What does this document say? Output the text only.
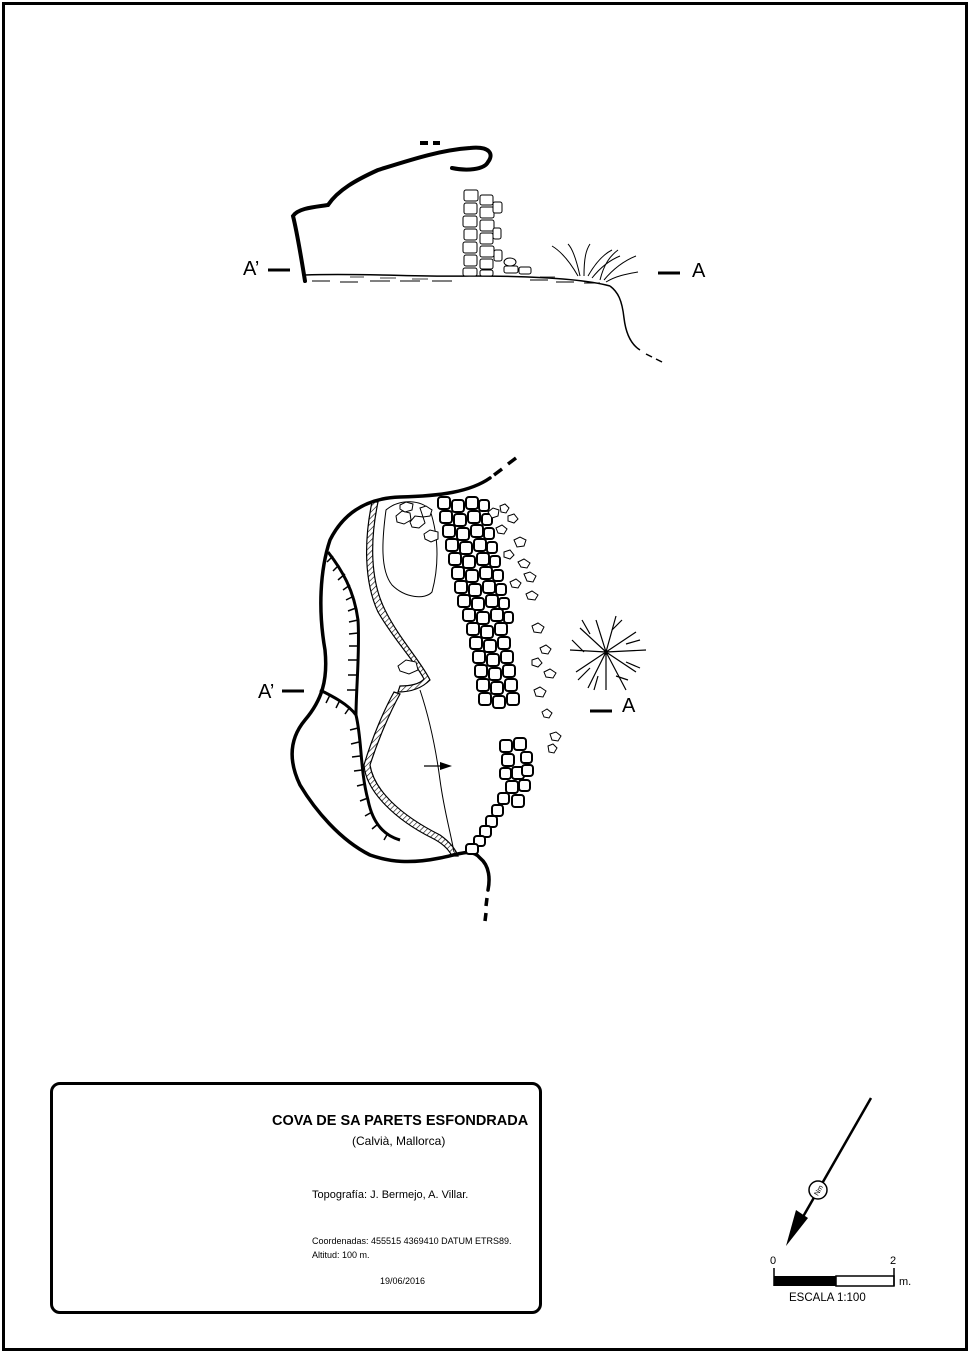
Nm
A’	A
A’
A
COVA DE SA PARETS ESFONDRADA
(Calvià, Mallorca)
Topografía: J. Bermejo, A. Villar.
Coordenadas: 455515 4369410 DATUM ETRS89.
Altitud: 100 m.
19/06/2016
0	2
m.
ESCALA 1:100
